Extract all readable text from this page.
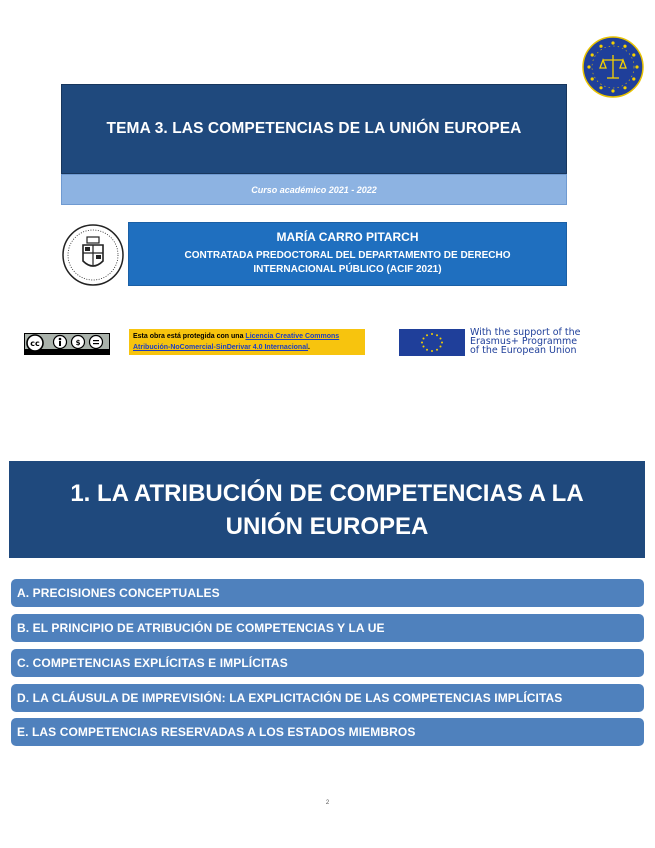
TEMA 3. LAS COMPETENCIAS DE LA UNIÓN EUROPEA
Curso académico 2021 - 2022
MARÍA CARRO PITARCH
CONTRATADA PREDOCTORAL DEL DEPARTAMENTO DE DERECHO INTERNACIONAL PÚBLICO (ACIF 2021)
cc	$
Esta obra está protegida con una Licencia Creative Commons
Atribución-NoComercial-SinDerivar 4.0 Internacional.
With the support of the
Erasmus+ Programme
of the European Union
1. LA ATRIBUCIÓN DE COMPETENCIAS A LA UNIÓN EUROPEA
A. PRECISIONES CONCEPTUALES
B. EL PRINCIPIO DE ATRIBUCIÓN DE COMPETENCIAS Y LA UE
C. COMPETENCIAS EXPLÍCITAS E IMPLÍCITAS
D. LA CLÁUSULA DE IMPREVISIÓN: LA EXPLICITACIÓN DE LAS COMPETENCIAS IMPLÍCITAS
E. LAS COMPETENCIAS RESERVADAS A LOS ESTADOS MIEMBROS
2
